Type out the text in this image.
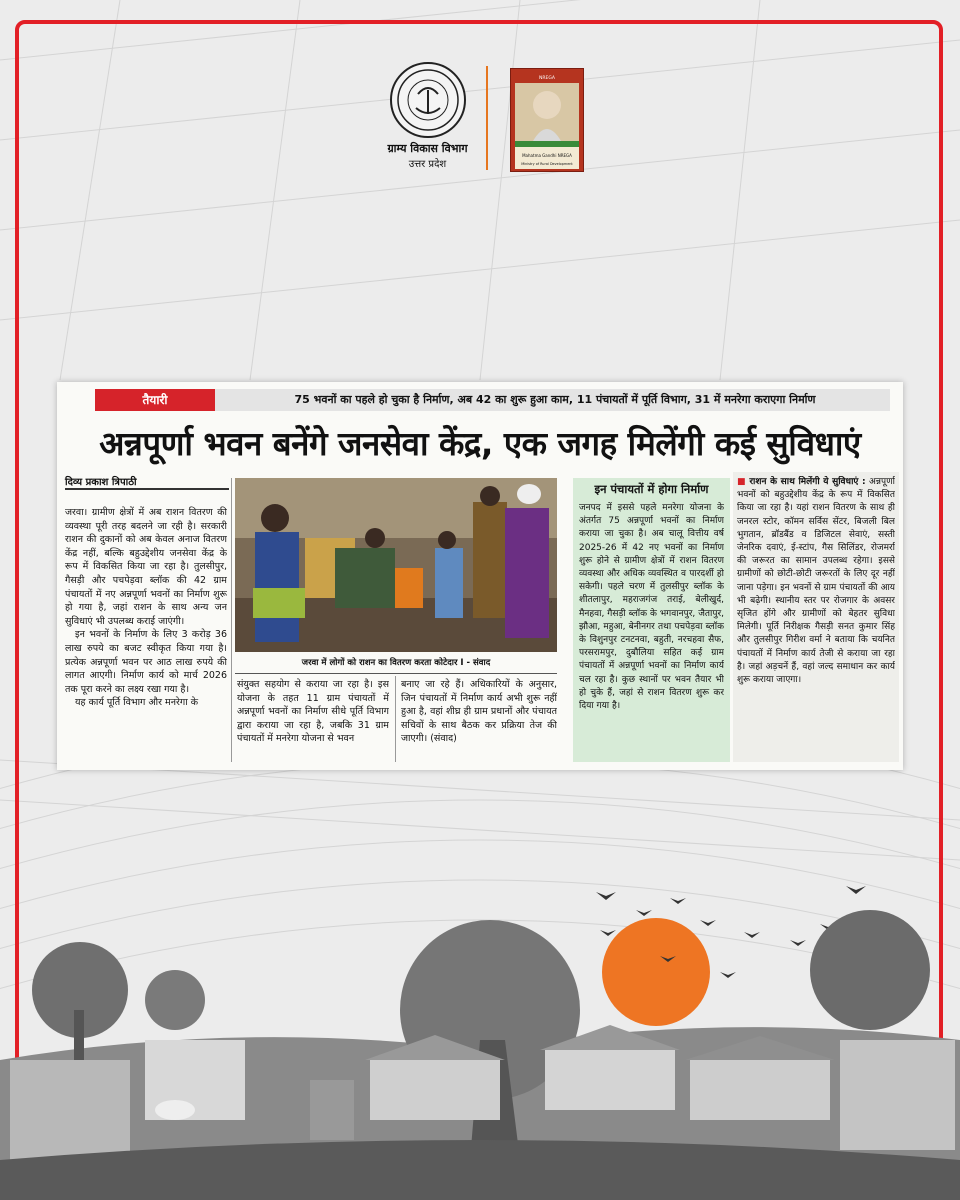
ग्राम्य विकास विभाग
उत्तर प्रदेश
NREGA
Mahatma Gandhi NREGA
Ministry of Rural Development
तैयारी	75 भवनों का पहले हो चुका है निर्माण, अब 42 का शुरू हुआ काम, 11 पंचायतों में पूर्ति विभाग, 31 में मनरेगा कराएगा निर्माण
अन्नपूर्णा भवन बनेंगे जनसेवा केंद्र, एक जगह मिलेंगी कई सुविधाएं
दिव्य प्रकाश त्रिपाठी

जरवा। ग्रामीण क्षेत्रों में अब राशन वितरण की व्यवस्था पूरी तरह बदलने जा रही है। सरकारी राशन की दुकानों को अब केवल अनाज वितरण केंद्र नहीं, बल्कि बहुउद्देशीय जनसेवा केंद्र के रूप में विकसित किया जा रहा है। तुलसीपुर, गैसड़ी और पचपेड़वा ब्लॉक की 42 ग्राम पंचायतों में नए अन्नपूर्णा भवनों का निर्माण शुरू हो गया है, जहां राशन के साथ अन्य जन सुविधाएं भी उपलब्ध कराई जाएंगी।

इन भवनों के निर्माण के लिए 3 करोड़ 36 लाख रुपये का बजट स्वीकृत किया गया है। प्रत्येक अन्नपूर्णा भवन पर आठ लाख रुपये की लागत आएगी। निर्माण कार्य को मार्च 2026 तक पूरा करने का लक्ष्य रखा गया है।

यह कार्य पूर्ति विभाग और मनरेगा के

जरवा में लोगों को राशन का वितरण करता कोटेदार I - संवाद

संयुक्त सहयोग से कराया जा रहा है। इस योजना के तहत 11 ग्राम पंचायतों में अन्नपूर्णा भवनों का निर्माण सीधे पूर्ति विभाग द्वारा कराया जा रहा है, जबकि 31 ग्राम पंचायतों में मनरेगा योजना से भवन

बनाए जा रहे हैं। अधिकारियों के अनुसार, जिन पंचायतों में निर्माण कार्य अभी शुरू नहीं हुआ है, वहां शीघ्र ही ग्राम प्रधानों और पंचायत सचिवों के साथ बैठक कर प्रक्रिया तेज की जाएगी। (संवाद)

इन पंचायतों में होगा निर्माण
जनपद में इससे पहले मनरेगा योजना के अंतर्गत 75 अन्नपूर्णा भवनों का निर्माण कराया जा चुका है। अब चालू वित्तीय वर्ष 2025-26 में 42 नए भवनों का निर्माण शुरू होने से ग्रामीण क्षेत्रों में राशन वितरण व्यवस्था और अधिक व्यवस्थित व पारदर्शी हो सकेगी। पहले चरण में तुलसीपुर ब्लॉक के शीतलापुर, महराजगंज तराई, बेलीखुर्द, मैनहवा, गैसड़ी ब्लॉक के भगवानपुर, जैतापुर, झौआ, महुआ, बेनीनगर तथा पचपेड़वा ब्लॉक के विशुनपुर टनटनवा, बहुती, नरचहवा सैफ, परसरामपुर, दुबौलिया सहित कई ग्राम पंचायतों में अन्नपूर्णा भवनों का निर्माण कार्य चल रहा है। कुछ स्थानों पर भवन तैयार भी हो चुके हैं, जहां से राशन वितरण शुरू कर दिया गया है।
■ राशन के साथ मिलेंगी ये सुविधाएं : अन्नपूर्णा भवनों को बहुउद्देशीय केंद्र के रूप में विकसित किया जा रहा है। यहां राशन वितरण के साथ ही जनरल स्टोर, कॉमन सर्विस सेंटर, बिजली बिल भुगतान, ब्रॉडबैंड व डिजिटल सेवाएं, सस्ती जेनरिक दवाएं, ई-स्टांप, गैस सिलिंडर, रोजमर्रा की जरूरत का सामान उपलब्ध रहेगा। इससे ग्रामीणों को छोटी-छोटी जरूरतों के लिए दूर नहीं जाना पड़ेगा। इन भवनों से ग्राम पंचायतों की आय भी बढ़ेगी। स्थानीय स्तर पर रोजगार के अवसर सृजित होंगे और ग्रामीणों को बेहतर सुविधा मिलेगी। पूर्ति निरीक्षक गैसड़ी सनत कुमार सिंह और तुलसीपुर गिरीश वर्मा ने बताया कि चयनित पंचायतों में निर्माण कार्य तेजी से कराया जा रहा है। जहां अड़चनें हैं, वहां जल्द समाधान कर कार्य शुरू कराया जाएगा।
